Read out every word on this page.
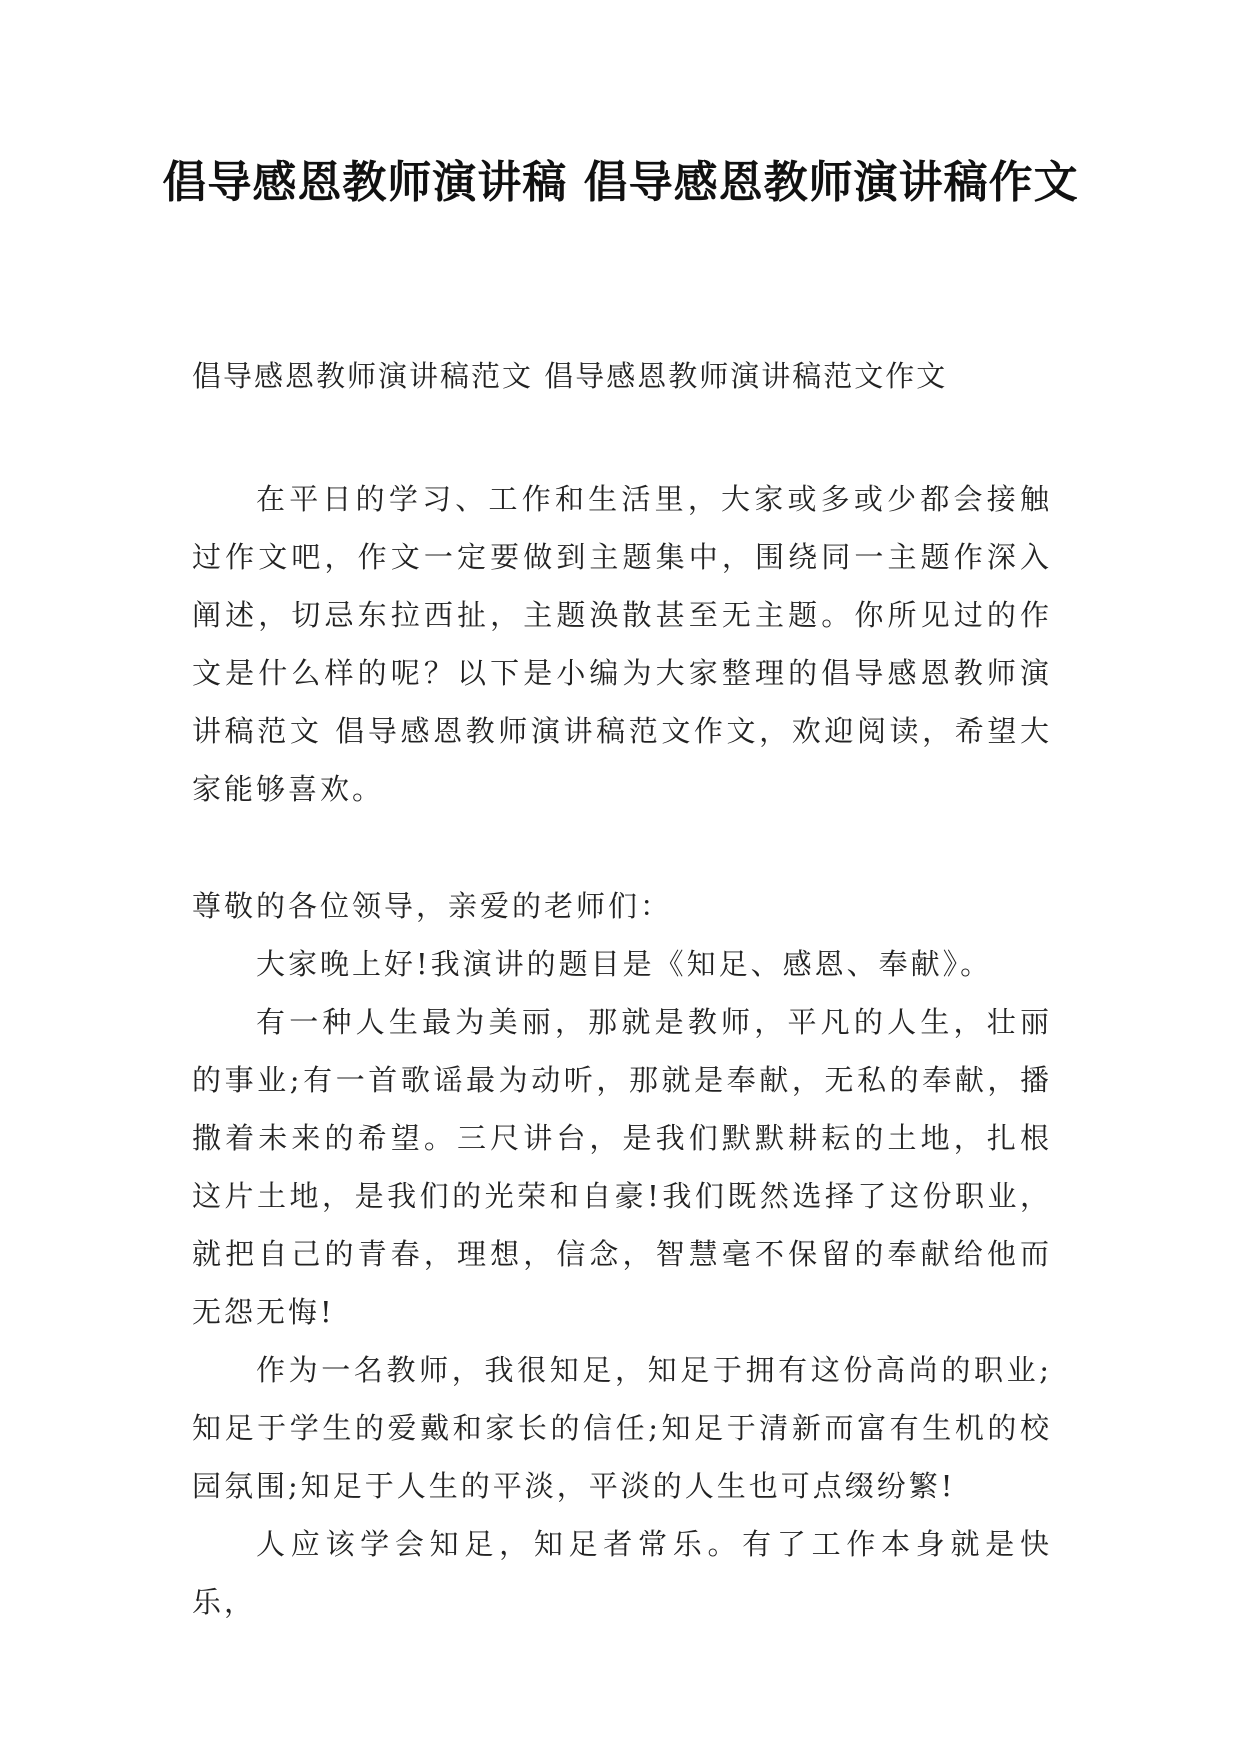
倡导感恩教师演讲稿 倡导感恩教师演讲稿作文
倡导感恩教师演讲稿范文 倡导感恩教师演讲稿范文作文

在平日的学习、工作和生活里，大家或多或少都会接触过作文吧，作文一定要做到主题集中，围绕同一主题作深入阐述，切忌东拉西扯，主题涣散甚至无主题。你所见过的作文是什么样的呢？以下是小编为大家整理的倡导感恩教师演讲稿范文 倡导感恩教师演讲稿范文作文，欢迎阅读，希望大家能够喜欢。

尊敬的各位领导，亲爱的老师们：

大家晚上好!我演讲的题目是《知足、感恩、奉献》。

有一种人生最为美丽，那就是教师，平凡的人生，壮丽的事业;有一首歌谣最为动听，那就是奉献，无私的奉献，播撒着未来的希望。三尺讲台，是我们默默耕耘的土地，扎根这片土地，是我们的光荣和自豪!我们既然选择了这份职业，就把自己的青春，理想，信念，智慧毫不保留的奉献给他而无怨无悔!

作为一名教师，我很知足，知足于拥有这份高尚的职业;知足于学生的爱戴和家长的信任;知足于清新而富有生机的校园氛围;知足于人生的平淡，平淡的人生也可点缀纷繁!

人应该学会知足，知足者常乐。有了工作本身就是快乐，
